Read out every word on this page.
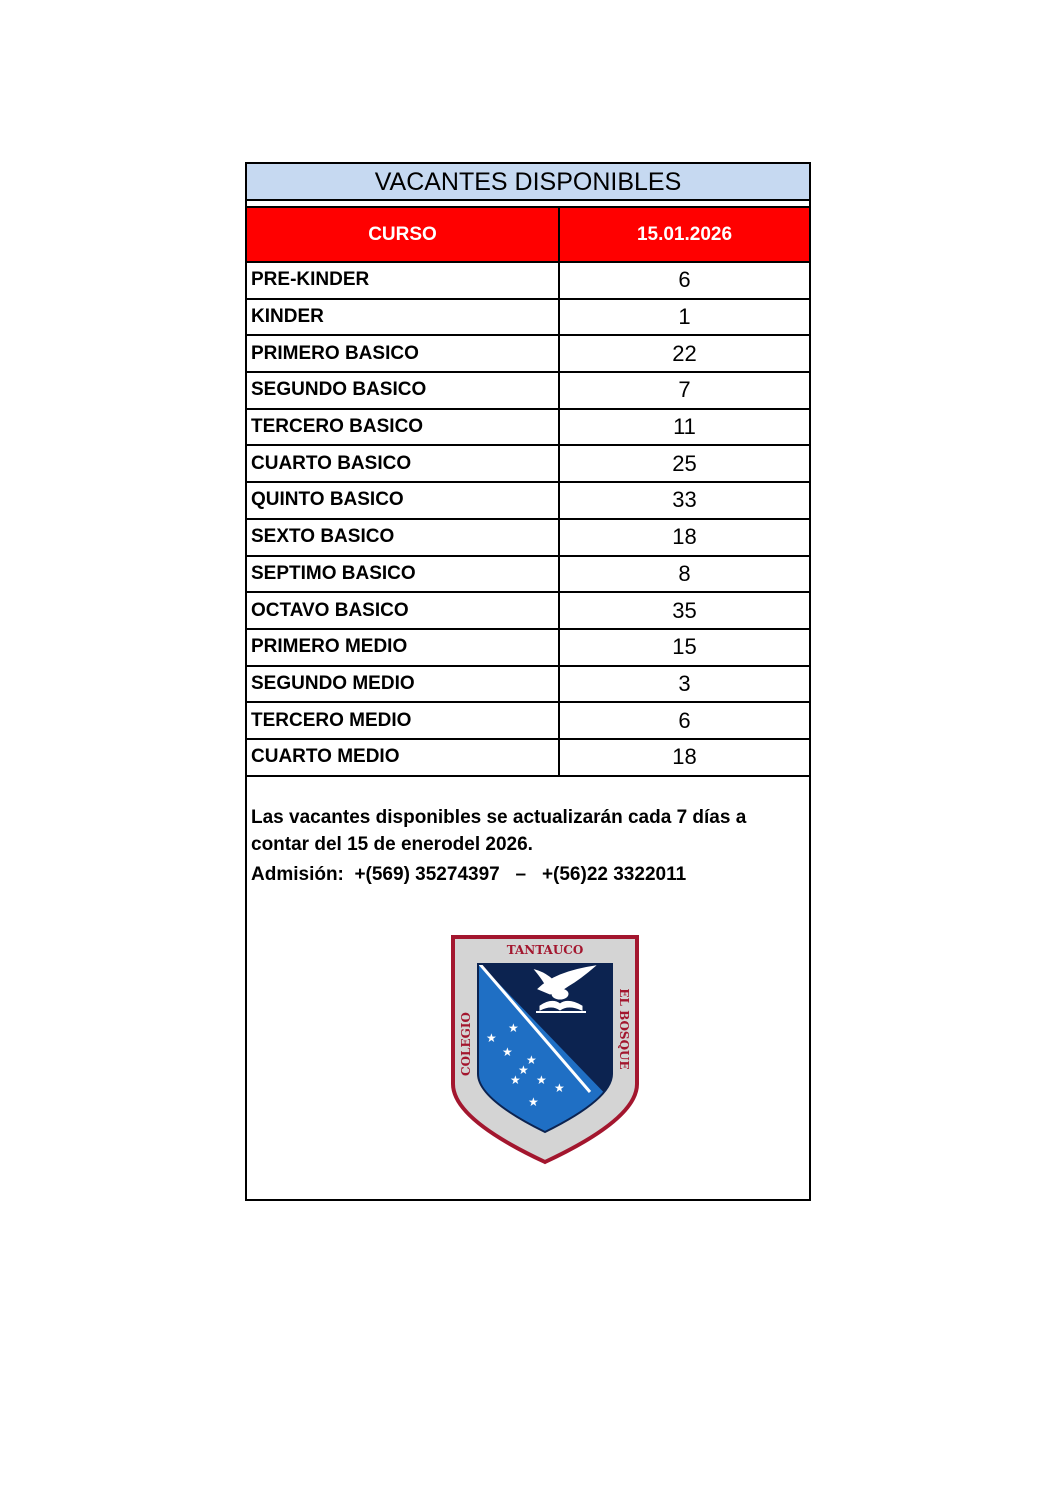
VACANTES DISPONIBLES
CURSO	15.01.2026
PRE-KINDER	6
KINDER	1
PRIMERO BASICO	22
SEGUNDO BASICO	7
TERCERO BASICO	11
CUARTO BASICO	25
QUINTO BASICO	33
SEXTO BASICO	18
SEPTIMO BASICO	8
OCTAVO BASICO	35
PRIMERO MEDIO	15
SEGUNDO MEDIO	3
TERCERO MEDIO	6
CUARTO MEDIO	18

Las vacantes disponibles se actualizarán cada 7 días a

contar del 15 de enerodel 2026.

Admisión:  +(569) 35274397   –   +(56)22 3322011

★
★
★
★
★
★ ★
★
★
TANTAUCO
COLEGIO	EL BOSQUE
